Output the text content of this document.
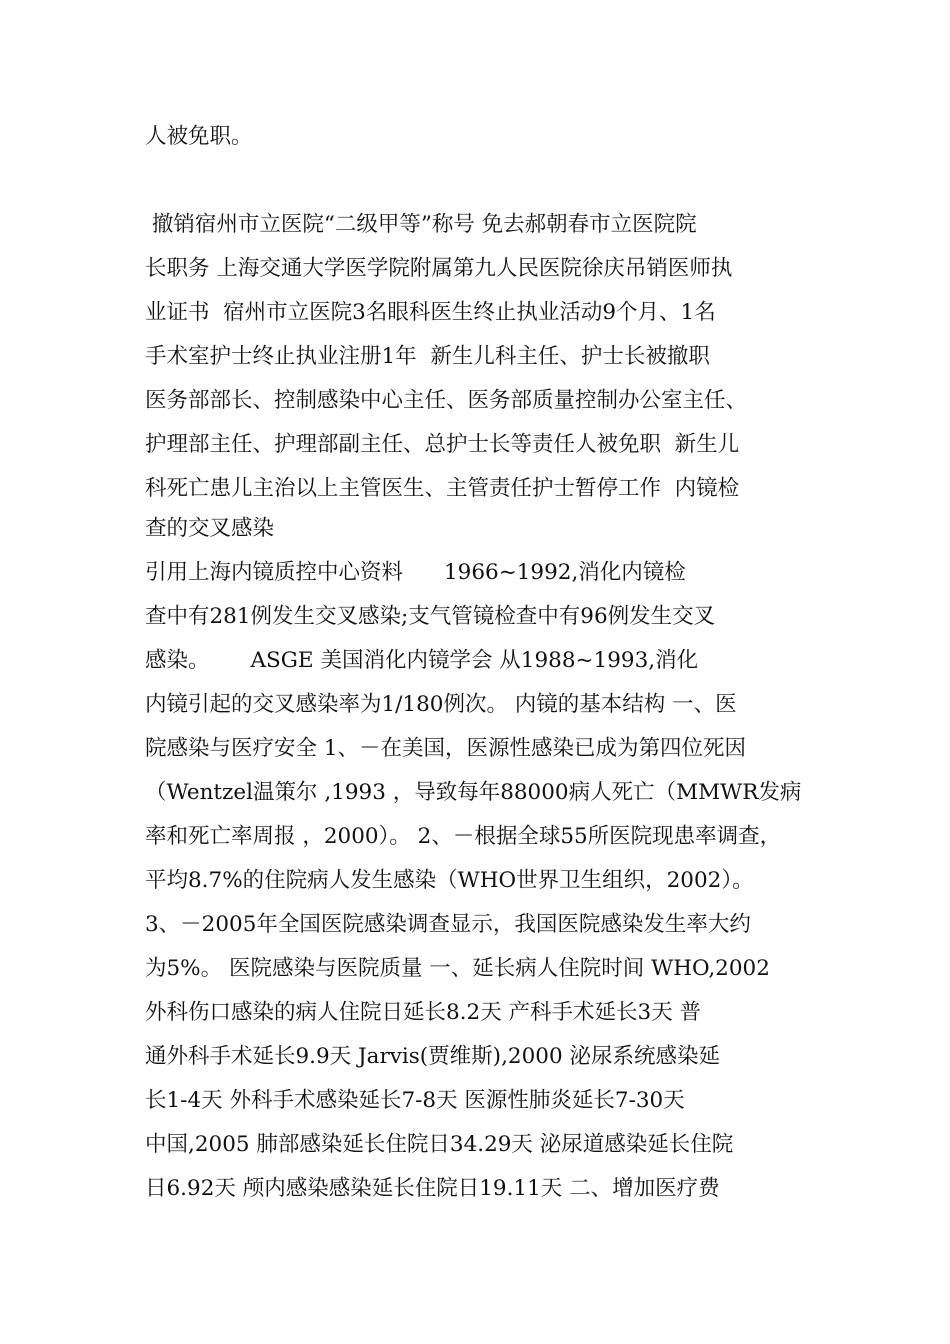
人被免职。

撤销宿州市立医院“二级甲等”称号 免去郝朝春市立医院院

长职务 上海交通大学医学院附属第九人民医院徐庆吊销医师执

业证书  宿州市立医院3名眼科医生终止执业活动9个月、1名

手术室护士终止执业注册1年  新生儿科主任、护士长被撤职

医务部部长、控制感染中心主任、医务部质量控制办公室主任、

护理部主任、护理部副主任、总护士长等责任人被免职  新生儿

科死亡患儿主治以上主管医生、主管责任护士暂停工作  内镜检

查的交叉感染

引用上海内镜质控中心资料      1966~1992,消化内镜检

查中有281例发生交叉感染;支气管镜检查中有96例发生交叉

感染。      ASGE 美国消化内镜学会 从1988~1993,消化

内镜引起的交叉感染率为1/180例次。 内镜的基本结构 一、医

院感染与医疗安全 1、－在美国，医源性感染已成为第四位死因

（Wentzel温策尔 ,1993 ，导致每年88000病人死亡（MMWR发病

率和死亡率周报 ，2000）。 2、－根据全球55所医院现患率调查，

平均8.7%的住院病人发生感染（WHO世界卫生组织，2002）。

3、－2005年全国医院感染调查显示，我国医院感染发生率大约

为5%。 医院感染与医院质量 一、延长病人住院时间 WHO,2002

外科伤口感染的病人住院日延长8.2天 产科手术延长3天 普

通外科手术延长9.9天 Jarvis(贾维斯),2000 泌尿系统感染延

长1-4天 外科手术感染延长7-8天 医源性肺炎延长7-30天

中国,2005 肺部感染延长住院日34.29天 泌尿道感染延长住院

日6.92天 颅内感染感染延长住院日19.11天 二、增加医疗费
